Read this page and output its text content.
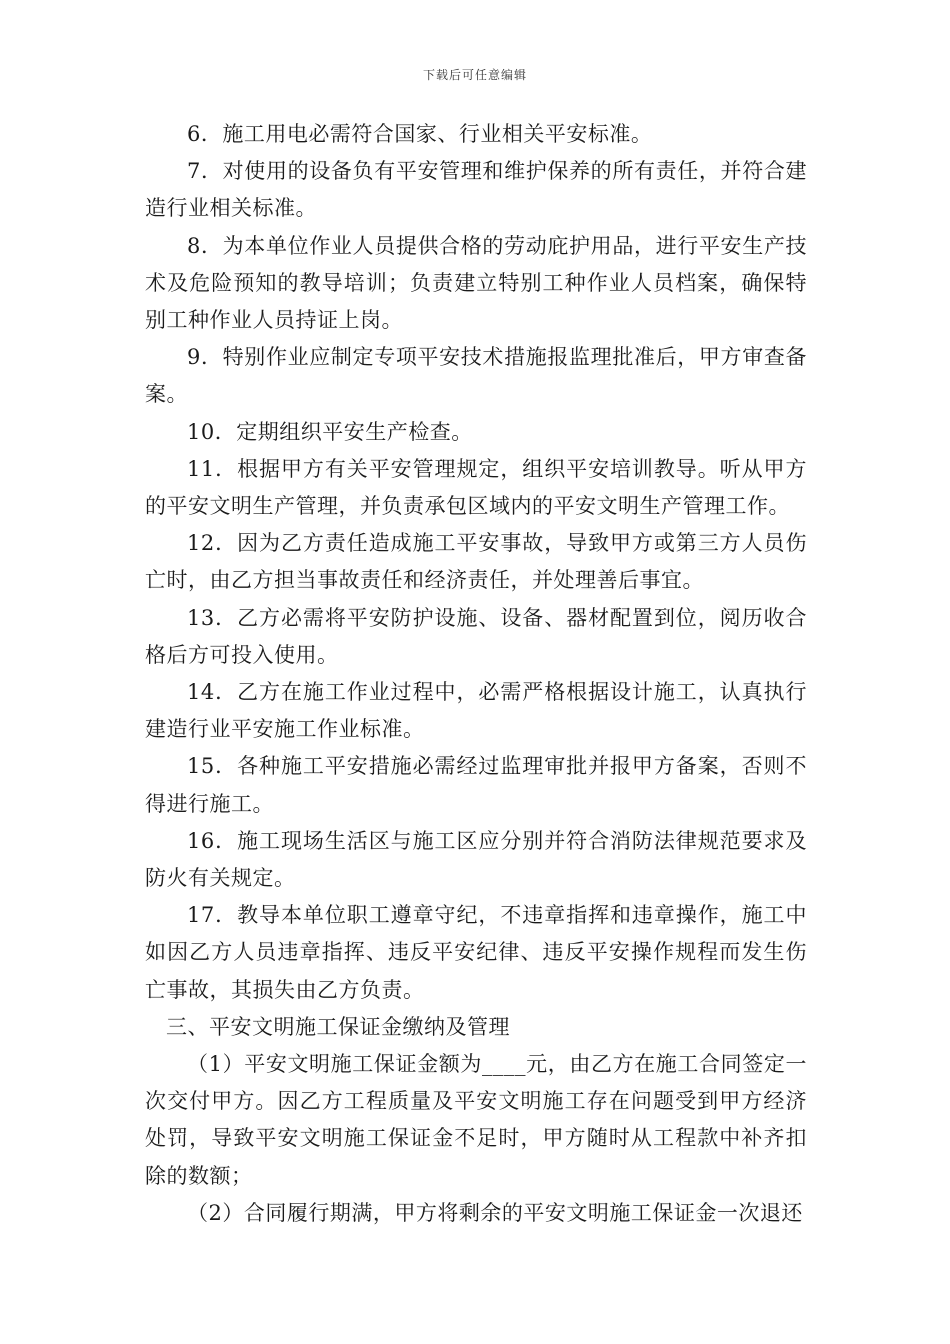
下载后可任意编辑

6．施工用电必需符合国家、行业相关平安标准。

7．对使用的设备负有平安管理和维护保养的所有责任，并符合建造行业相关标准。

8．为本单位作业人员提供合格的劳动庇护用品，进行平安生产技术及危险预知的教导培训；负责建立特别工种作业人员档案，确保特别工种作业人员持证上岗。

9．特别作业应制定专项平安技术措施报监理批准后，甲方审查备案。

10．定期组织平安生产检查。

11．根据甲方有关平安管理规定，组织平安培训教导。听从甲方的平安文明生产管理，并负责承包区域内的平安文明生产管理工作。

12．因为乙方责任造成施工平安事故，导致甲方或第三方人员伤亡时，由乙方担当事故责任和经济责任，并处理善后事宜。

13．乙方必需将平安防护设施、设备、器材配置到位，阅历收合格后方可投入使用。

14．乙方在施工作业过程中，必需严格根据设计施工，认真执行建造行业平安施工作业标准。

15．各种施工平安措施必需经过监理审批并报甲方备案，否则不得进行施工。

16．施工现场生活区与施工区应分别并符合消防法律规范要求及防火有关规定。

17．教导本单位职工遵章守纪，不违章指挥和违章操作，施工中如因乙方人员违章指挥、违反平安纪律、违反平安操作规程而发生伤亡事故，其损失由乙方负责。

三、平安文明施工保证金缴纳及管理

（1）平安文明施工保证金额为____元，由乙方在施工合同签定一次交付甲方。因乙方工程质量及平安文明施工存在问题受到甲方经济处罚，导致平安文明施工保证金不足时，甲方随时从工程款中补齐扣除的数额；

（2）合同履行期满，甲方将剩余的平安文明施工保证金一次退还
